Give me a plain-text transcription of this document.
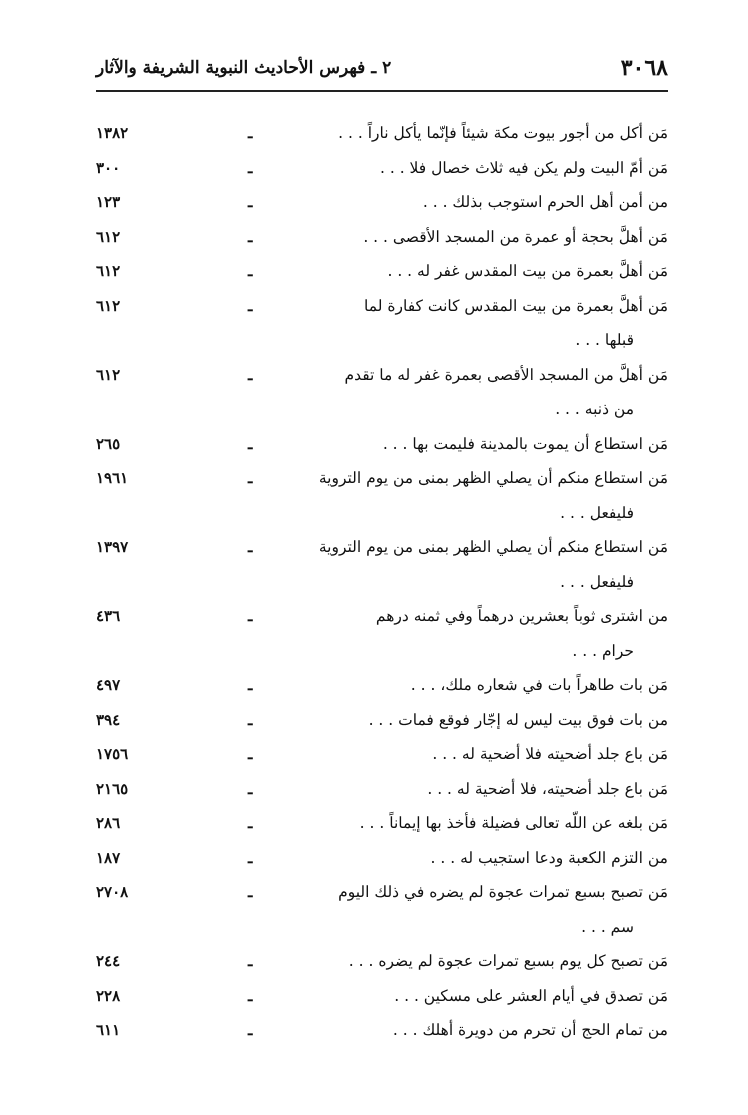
٣٠٦٨
٢ ـ فهرس الأحاديث النبوية الشريفة والآثار
مَن أكل من أجور بيوت مكة شيئاً فإنّما يأكل ناراً . . .
ـ
١٣٨٢
مَن أمّ البيت ولم يكن فيه ثلاث خصال فلا . . .
ـ
٣٠٠
من أمن أهل الحرم استوجب بذلك . . .
ـ
١٢٣
مَن أهلَّ بحجة أو عمرة من المسجد الأقصى . . .
ـ
٦١٢
مَن أهلَّ بعمرة من بيت المقدس غفر له . . .
ـ
٦١٢
مَن أهلَّ بعمرة من بيت المقدس كانت كفارة لما
قبلها . . .
ـ
٦١٢
مَن أهلَّ من المسجد الأقصى بعمرة غفر له ما تقدم
من ذنبه . . .
ـ
٦١٢
مَن استطاع أن يموت بالمدينة فليمت بها . . .
ـ
٢٦٥
مَن استطاع منكم أن يصلي الظهر بمنى من يوم التروية
فليفعل . . .
ـ
١٩٦١
مَن استطاع منكم أن يصلي الظهر بمنى من يوم التروية
فليفعل . . .
ـ
١٣٩٧
من اشترى ثوباً بعشرين درهماً وفي ثمنه درهم
حرام . . .
ـ
٤٣٦
مَن بات طاهراً بات في شعاره ملك، . . .
ـ
٤٩٧
من بات فوق بيت ليس له إجّار فوقع فمات . . .
ـ
٣٩٤
مَن باع جلد أضحيته فلا أضحية له . . .
ـ
١٧٥٦
مَن باع جلد أضحيته، فلا أضحية له . . .
ـ
٢١٦٥
مَن بلغه عن اللّه تعالى فضيلة فأخذ بها إيماناً . . .
ـ
٢٨٦
من التزم الكعبة ودعا استجيب له . . .
ـ
١٨٧
مَن تصبح بسبع تمرات عجوة لم يضره في ذلك اليوم
سم . . .
ـ
٢٧٠٨
مَن تصبح كل يوم بسبع تمرات عجوة لم يضره . . .
ـ
٢٤٤
مَن تصدق في أيام العشر على مسكين . . .
ـ
٢٢٨
من تمام الحج أن تحرم من دويرة أهلك . . .
ـ
٦١١
